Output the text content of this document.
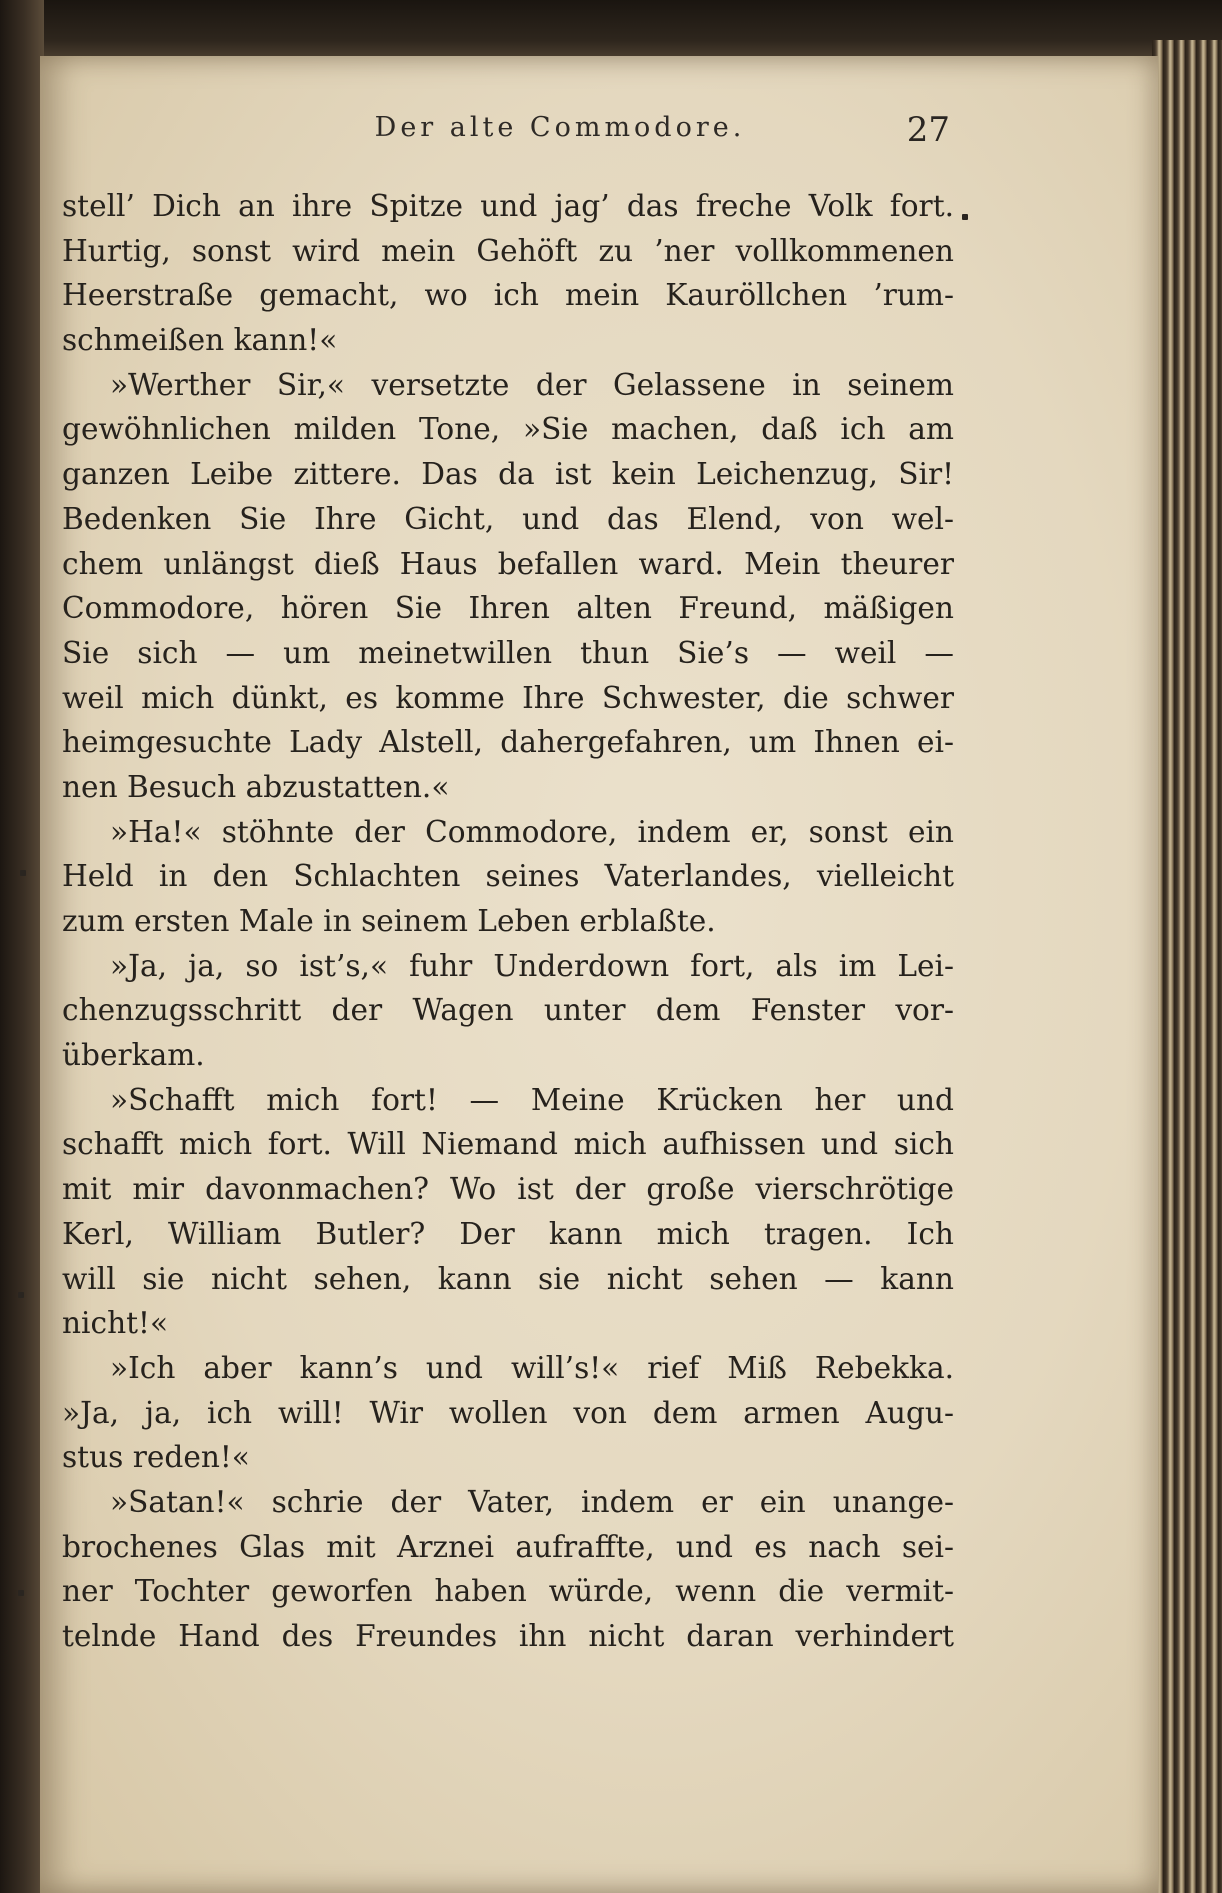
Der alte Commodore.	27
stell’ Dich an ihre Spitze und jag’ das freche Volk fort.
Hurtig, sonst wird mein Gehöft zu ’ner vollkommenen
Heerstraße gemacht, wo ich mein Kauröllchen ’rum-
schmeißen kann!«
»Werther Sir,« versetzte der Gelassene in seinem
gewöhnlichen milden Tone, »Sie machen, daß ich am
ganzen Leibe zittere. Das da ist kein Leichenzug, Sir!
Bedenken Sie Ihre Gicht, und das Elend, von wel-
chem unlängst dieß Haus befallen ward. Mein theurer
Commodore, hören Sie Ihren alten Freund, mäßigen
Sie sich — um meinetwillen thun Sie’s — weil —
weil mich dünkt, es komme Ihre Schwester, die schwer
heimgesuchte Lady Alstell, dahergefahren, um Ihnen ei-
nen Besuch abzustatten.«
»Ha!« stöhnte der Commodore, indem er, sonst ein
Held in den Schlachten seines Vaterlandes, vielleicht
zum ersten Male in seinem Leben erblaßte.
»Ja, ja, so ist’s,« fuhr Underdown fort, als im Lei-
chenzugsschritt der Wagen unter dem Fenster vor-
überkam.
»Schafft mich fort! — Meine Krücken her und
schafft mich fort. Will Niemand mich aufhissen und sich
mit mir davonmachen? Wo ist der große vierschrötige
Kerl, William Butler? Der kann mich tragen. Ich
will sie nicht sehen, kann sie nicht sehen — kann
nicht!«
»Ich aber kann’s und will’s!« rief Miß Rebekka.
»Ja, ja, ich will! Wir wollen von dem armen Augu-
stus reden!«
»Satan!« schrie der Vater, indem er ein unange-
brochenes Glas mit Arznei aufraffte, und es nach sei-
ner Tochter geworfen haben würde, wenn die vermit-
telnde Hand des Freundes ihn nicht daran verhindert
